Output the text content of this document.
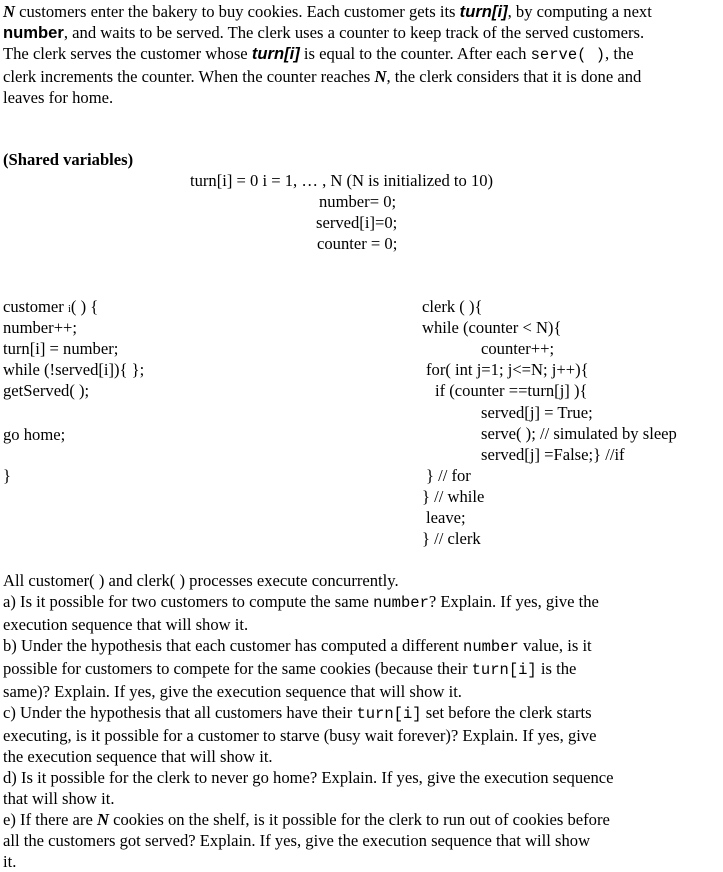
N customers enter the bakery to buy cookies. Each customer gets its turn[i], by computing a next
number, and waits to be served. The clerk uses a counter to keep track of the served customers.
The clerk serves the customer whose turn[i] is equal to the counter. After each serve( ), the
clerk increments the counter. When the counter reaches N, the clerk considers that it is done and
leaves for home.
(Shared variables)
turn[i] = 0 i = 1, … , N (N is initialized to 10)
number= 0;
served[i]=0;
counter = 0;
customer i( ) {
number++;
turn[i] = number;
while (!served[i]){ };
getServed( );
go home;
}
clerk ( ){
while (counter < N){
counter++;
for( int j=1; j<=N; j++){
if (counter ==turn[j] ){
served[j] = True;
serve( ); // simulated by sleep
served[j] =False;} //if
} // for
} // while
leave;
} // clerk
All customer( ) and clerk( ) processes execute concurrently.
a) Is it possible for two customers to compute the same number? Explain. If yes, give the
execution sequence that will show it.
b) Under the hypothesis that each customer has computed a different number value, is it
possible for customers to compete for the same cookies (because their turn[i] is the
same)? Explain. If yes, give the execution sequence that will show it.
c) Under the hypothesis that all customers have their turn[i] set before the clerk starts
executing, is it possible for a customer to starve (busy wait forever)? Explain. If yes, give
the execution sequence that will show it.
d) Is it possible for the clerk to never go home? Explain. If yes, give the execution sequence
that will show it.
e) If there are N cookies on the shelf, is it possible for the clerk to run out of cookies before
all the customers got served? Explain. If yes, give the execution sequence that will show
it.
